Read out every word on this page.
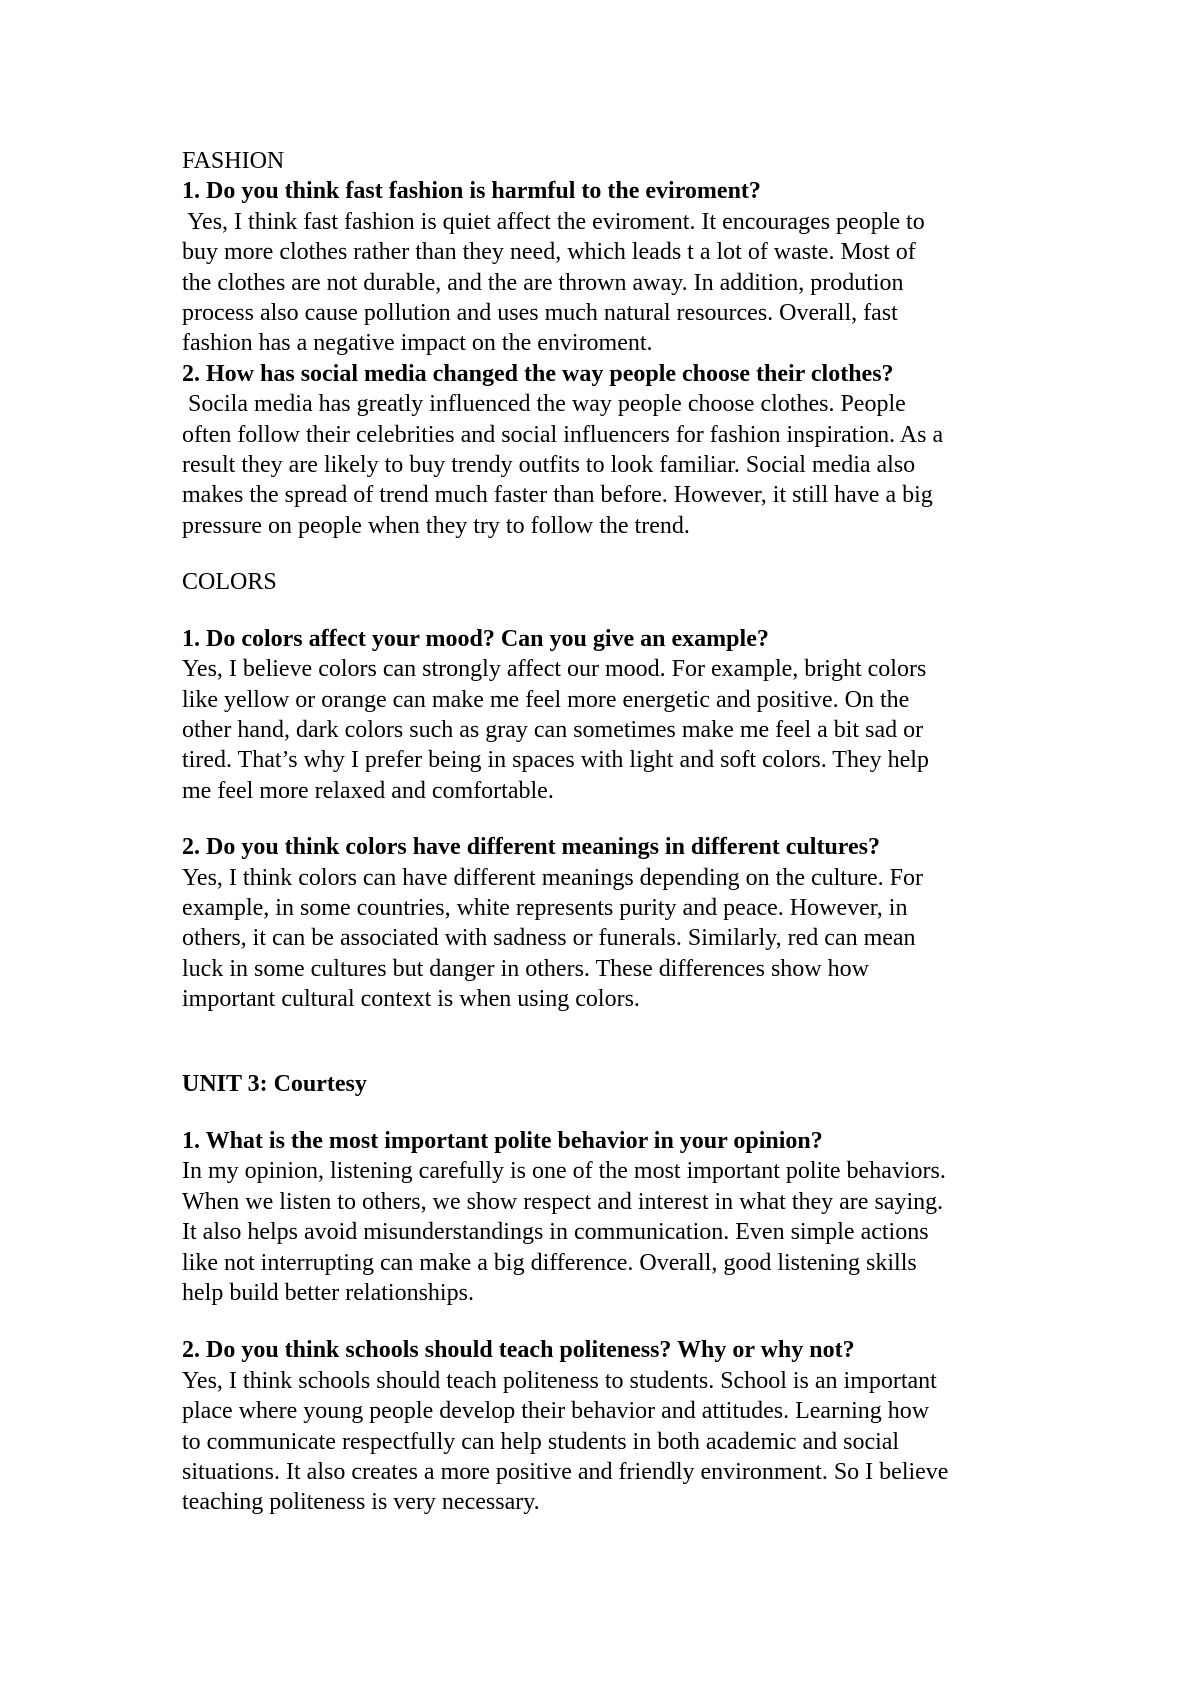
FASHION
1. Do you think fast fashion is harmful to the eviroment?
Yes, I think fast fashion is quiet affect the eviroment. It encourages people to
buy more clothes rather than they need, which leads t a lot of waste. Most of
the clothes are not durable, and the are thrown away. In addition, prodution
process also cause pollution and uses much natural resources. Overall, fast
fashion has a negative impact on the enviroment.
2. How has social media changed the way people choose their clothes?
Socila media has greatly influenced the way people choose clothes. People
often follow their celebrities and social influencers for fashion inspiration. As a
result they are likely to buy trendy outfits to look familiar. Social media also
makes the spread of trend much faster than before. However, it still have a big
pressure on people when they try to follow the trend.
COLORS
1. Do colors affect your mood? Can you give an example?
Yes, I believe colors can strongly affect our mood. For example, bright colors
like yellow or orange can make me feel more energetic and positive. On the
other hand, dark colors such as gray can sometimes make me feel a bit sad or
tired. That’s why I prefer being in spaces with light and soft colors. They help
me feel more relaxed and comfortable.
2. Do you think colors have different meanings in different cultures?
Yes, I think colors can have different meanings depending on the culture. For
example, in some countries, white represents purity and peace. However, in
others, it can be associated with sadness or funerals. Similarly, red can mean
luck in some cultures but danger in others. These differences show how
important cultural context is when using colors.
UNIT 3: Courtesy
1. What is the most important polite behavior in your opinion?
In my opinion, listening carefully is one of the most important polite behaviors.
When we listen to others, we show respect and interest in what they are saying.
It also helps avoid misunderstandings in communication. Even simple actions
like not interrupting can make a big difference. Overall, good listening skills
help build better relationships.
2. Do you think schools should teach politeness? Why or why not?
Yes, I think schools should teach politeness to students. School is an important
place where young people develop their behavior and attitudes. Learning how
to communicate respectfully can help students in both academic and social
situations. It also creates a more positive and friendly environment. So I believe
teaching politeness is very necessary.
